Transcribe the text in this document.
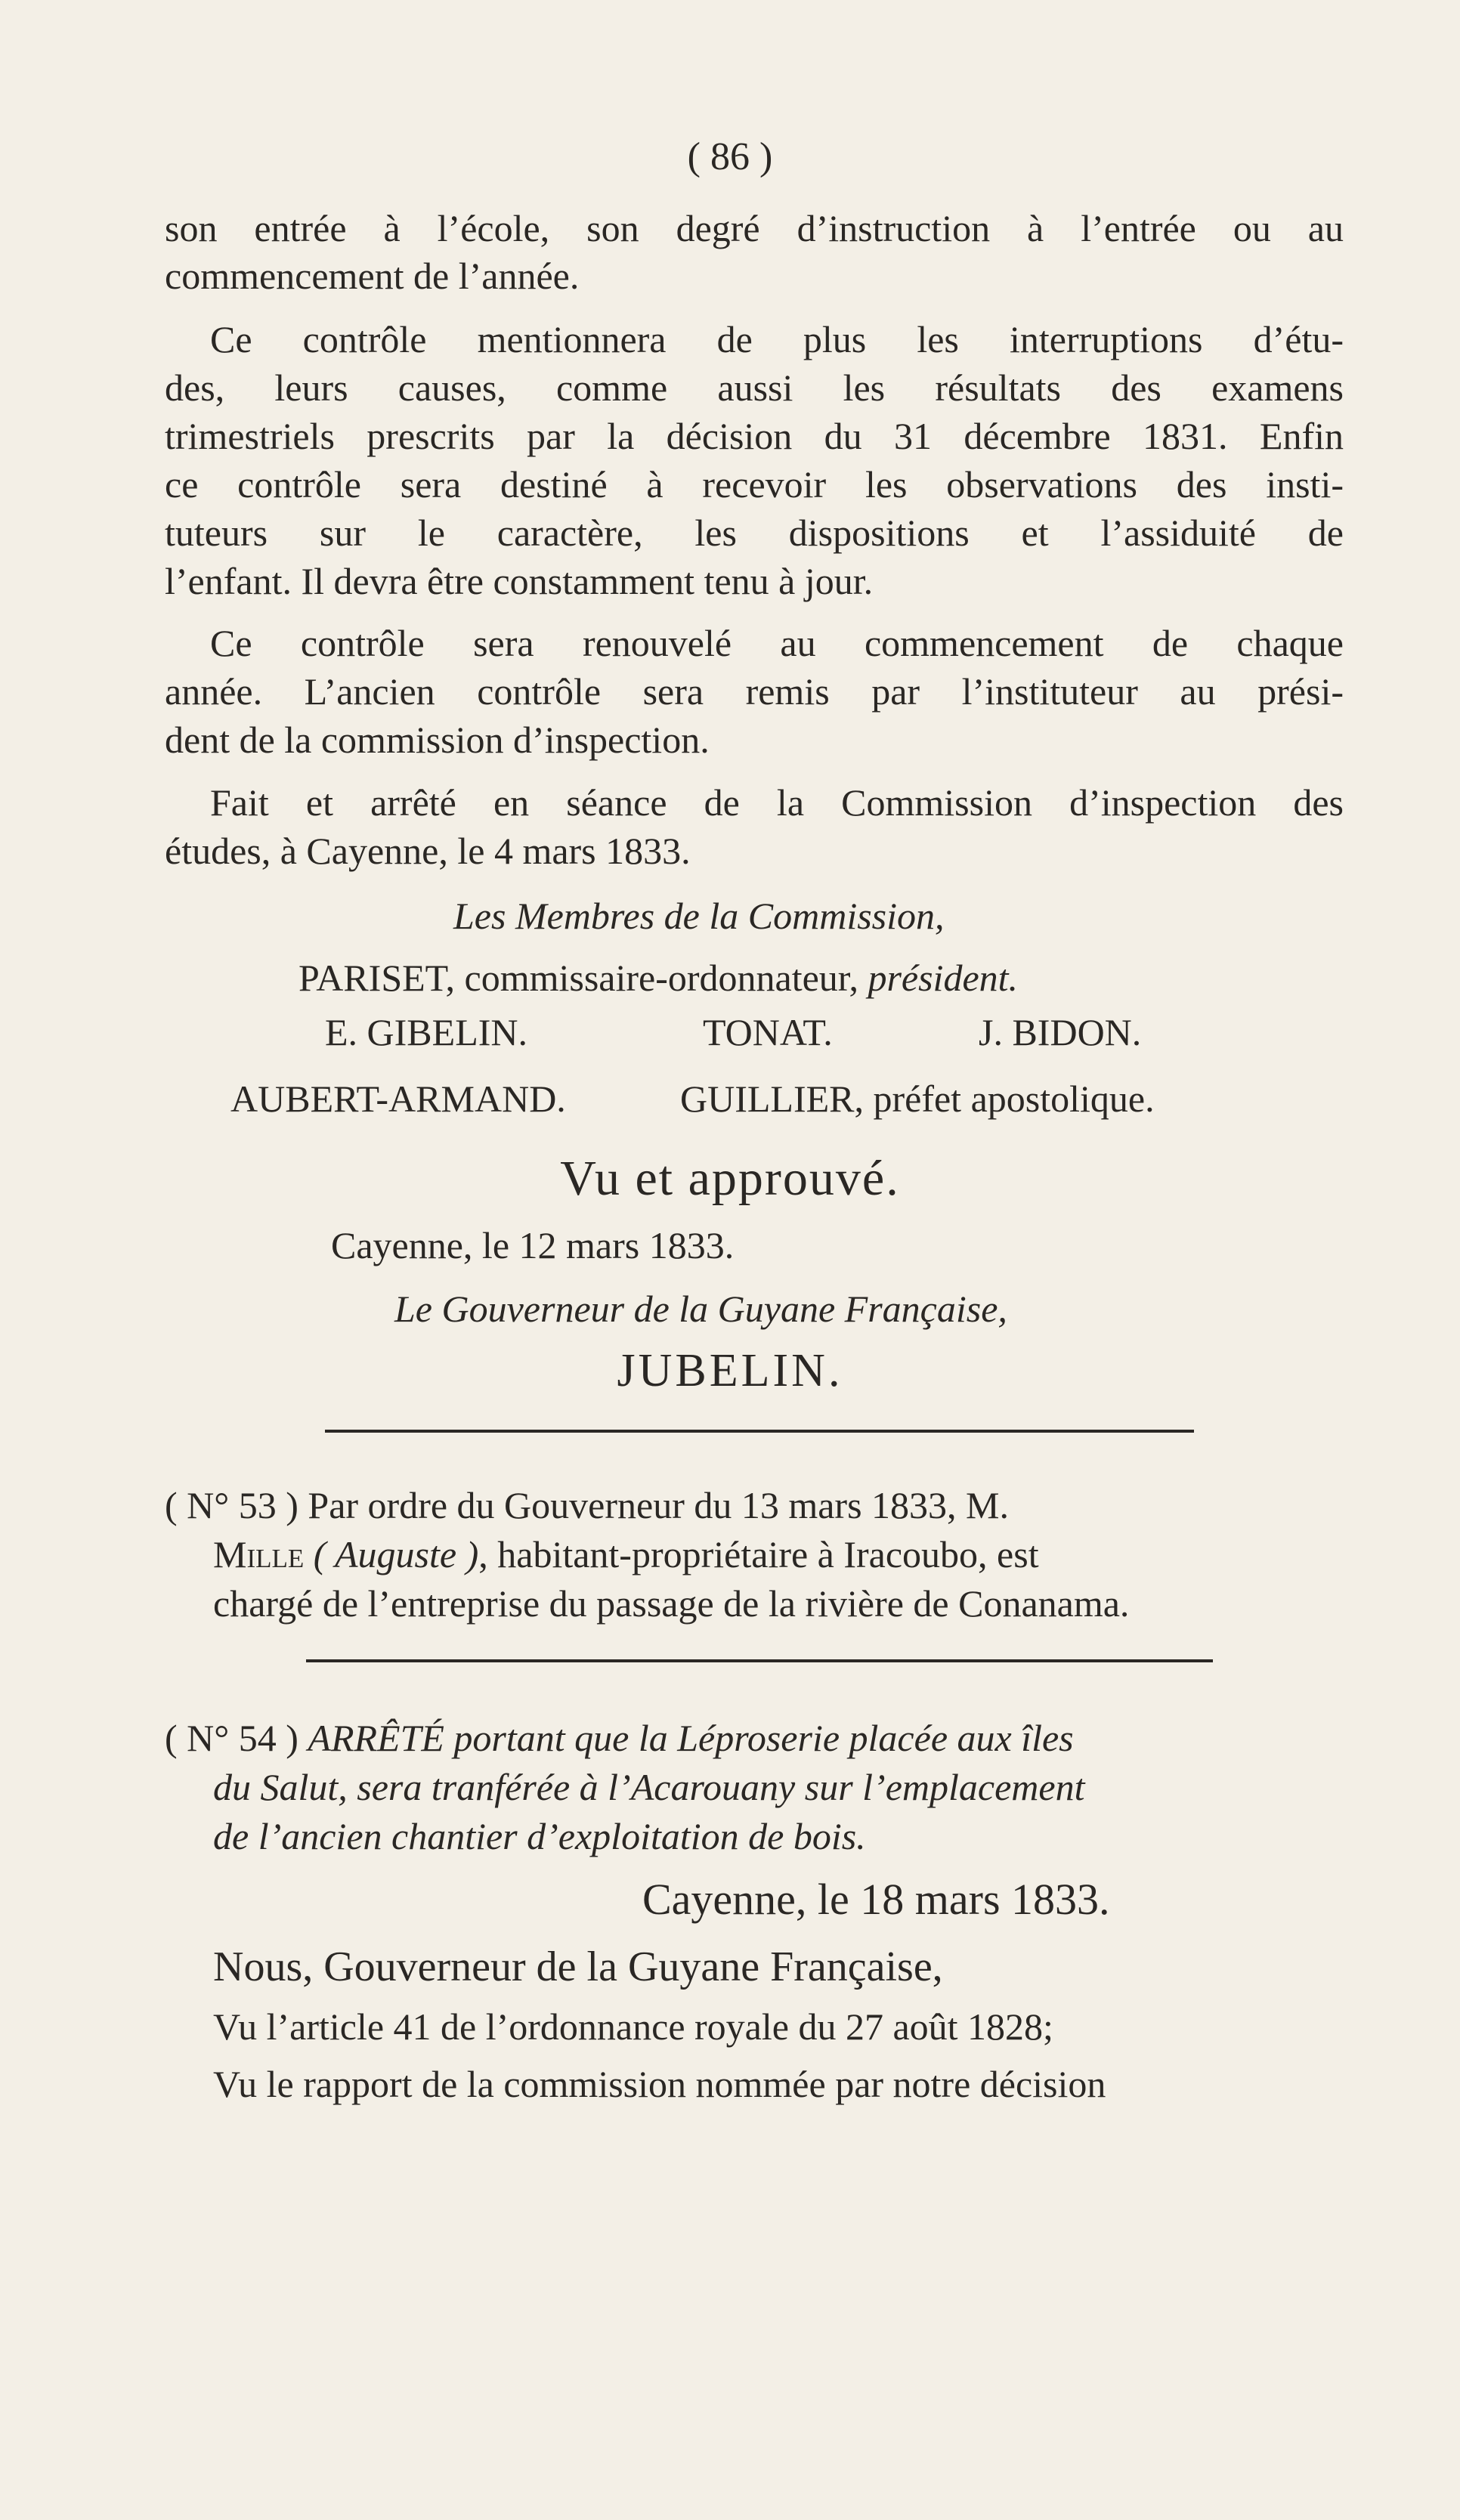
( 86 )
son entrée à l’école, son degré d’instruction à l’entrée ou au
commencement de l’année.
Ce contrôle mentionnera de plus les interruptions d’étu-
des, leurs causes, comme aussi les résultats des examens
trimestriels prescrits par la décision du 31 décembre 1831. Enfin
ce contrôle sera destiné à recevoir les observations des insti-
tuteurs sur le caractère, les dispositions et l’assiduité de
l’enfant. Il devra être constamment tenu à jour.
Ce contrôle sera renouvelé au commencement de chaque
année. L’ancien contrôle sera remis par l’instituteur au prési-
dent de la commission d’inspection.
Fait et arrêté en séance de la Commission d’inspection des
études, à Cayenne, le 4 mars 1833.
Les Membres de la Commission,
PARISET, commissaire-ordonnateur, président.
E. GIBELIN.	TONAT.	J. BIDON.
AUBERT-ARMAND.	GUILLIER, préfet apostolique.
Vu et approuvé.
Cayenne, le 12 mars 1833.
Le Gouverneur de la Guyane Française,
JUBELIN.
( N° 53 ) Par ordre du Gouverneur du 13 mars 1833, M.
Mille ( Auguste ), habitant-propriétaire à Iracoubo, est
chargé de l’entreprise du passage de la rivière de Conanama.
( N° 54 ) ARRÊTÉ portant que la Léproserie placée aux îles
du Salut, sera tranférée à l’Acarouany sur l’emplacement
de l’ancien chantier d’exploitation de bois.
Cayenne, le 18 mars 1833.
Nous, Gouverneur de la Guyane Française,
Vu l’article 41 de l’ordonnance royale du 27 août 1828;
Vu le rapport de la commission nommée par notre décision
